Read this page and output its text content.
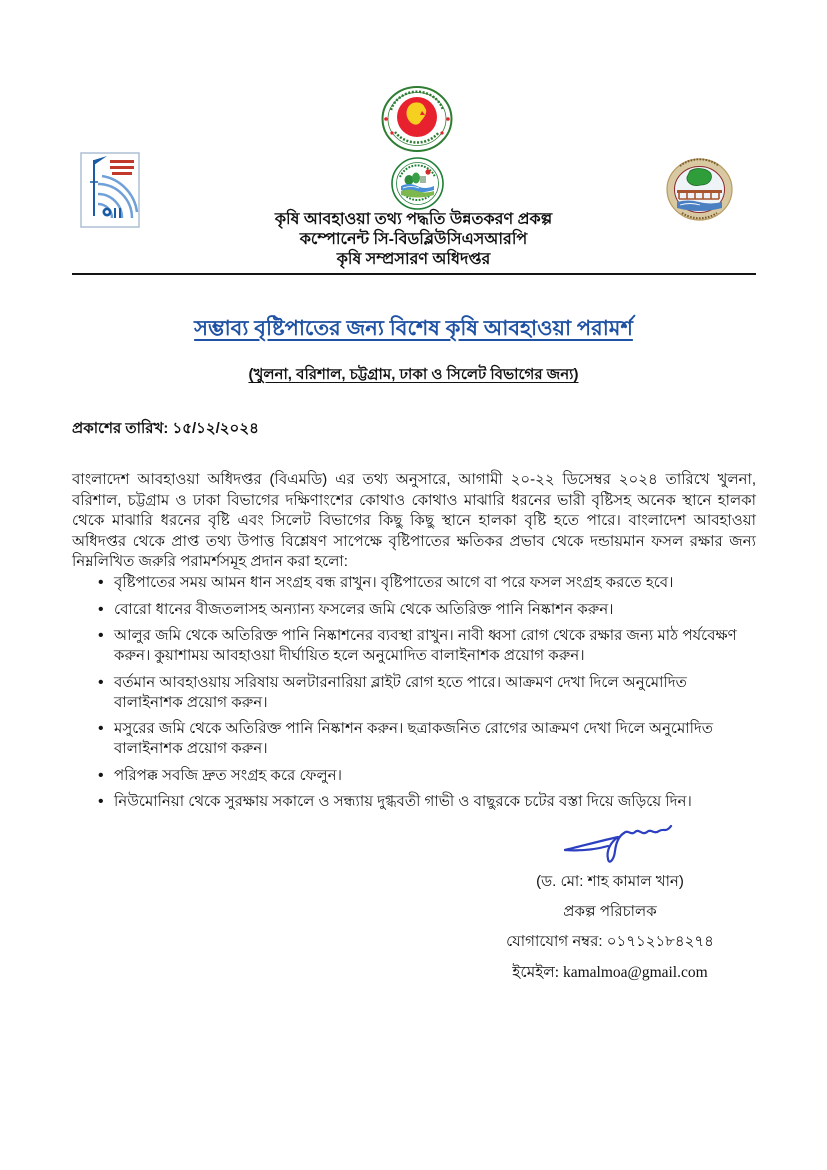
কৃষি আবহাওয়া তথ্য পদ্ধতি উন্নতকরণ প্রকল্প
কম্পোনেন্ট সি-বিডব্লিউসিএসআরপি
কৃষি সম্প্রসারণ অধিদপ্তর
সম্ভাব্য বৃষ্টিপাতের জন্য বিশেষ কৃষি আবহাওয়া পরামর্শ
(খুলনা, বরিশাল, চট্টগ্রাম, ঢাকা ও সিলেট বিভাগের জন্য)
প্রকাশের তারিখ: ১৫/১২/২০২৪

বাংলাদেশ আবহাওয়া অধিদপ্তর (বিএমডি) এর তথ্য অনুসারে, আগামী ২০-২২ ডিসেম্বর ২০২৪ তারিখে খুলনা, বরিশাল, চট্টগ্রাম ও ঢাকা বিভাগের দক্ষিণাংশের কোথাও কোথাও মাঝারি ধরনের ভারী বৃষ্টিসহ অনেক স্থানে হালকা থেকে মাঝারি ধরনের বৃষ্টি এবং সিলেট বিভাগের কিছু কিছু স্থানে হালকা বৃষ্টি হতে পারে। বাংলাদেশ আবহাওয়া অধিদপ্তর থেকে প্রাপ্ত তথ্য উপাত্ত বিশ্লেষণ সাপেক্ষে বৃষ্টিপাতের ক্ষতিকর প্রভাব থেকে দন্ডায়মান ফসল রক্ষার জন্য নিম্নলিখিত জরুরি পরামর্শসমূহ প্রদান করা হলো:

• বৃষ্টিপাতের সময় আমন ধান সংগ্রহ বন্ধ রাখুন। বৃষ্টিপাতের আগে বা পরে ফসল সংগ্রহ করতে হবে।
• বোরো ধানের বীজতলাসহ অন্যান্য ফসলের জমি থেকে অতিরিক্ত পানি নিষ্কাশন করুন।
• আলুর জমি থেকে অতিরিক্ত পানি নিষ্কাশনের ব্যবস্থা রাখুন। নাবী ধ্বসা রোগ থেকে রক্ষার জন্য মাঠ পর্যবেক্ষণ করুন। কুয়াশাময় আবহাওয়া দীর্ঘায়িত হলে অনুমোদিত বালাইনাশক প্রয়োগ করুন।
• বর্তমান আবহাওয়ায় সরিষায় অলটারনারিয়া ব্লাইট রোগ হতে পারে। আক্রমণ দেখা দিলে অনুমোদিত বালাইনাশক প্রয়োগ করুন।
• মসুরের জমি থেকে অতিরিক্ত পানি নিষ্কাশন করুন। ছত্রাকজনিত রোগের আক্রমণ দেখা দিলে অনুমোদিত বালাইনাশক প্রয়োগ করুন।
• পরিপক্ক সবজি দ্রুত সংগ্রহ করে ফেলুন।
• নিউমোনিয়া থেকে সুরক্ষায় সকালে ও সন্ধ্যায় দুগ্ধবতী গাভী ও বাছুরকে চটের বস্তা দিয়ে জড়িয়ে দিন।
(ড. মো: শাহ কামাল খান)
প্রকল্প পরিচালক
যোগাযোগ নম্বর: ০১৭১২১৮৪২৭৪
ইমেইল: kamalmoa@gmail.com
